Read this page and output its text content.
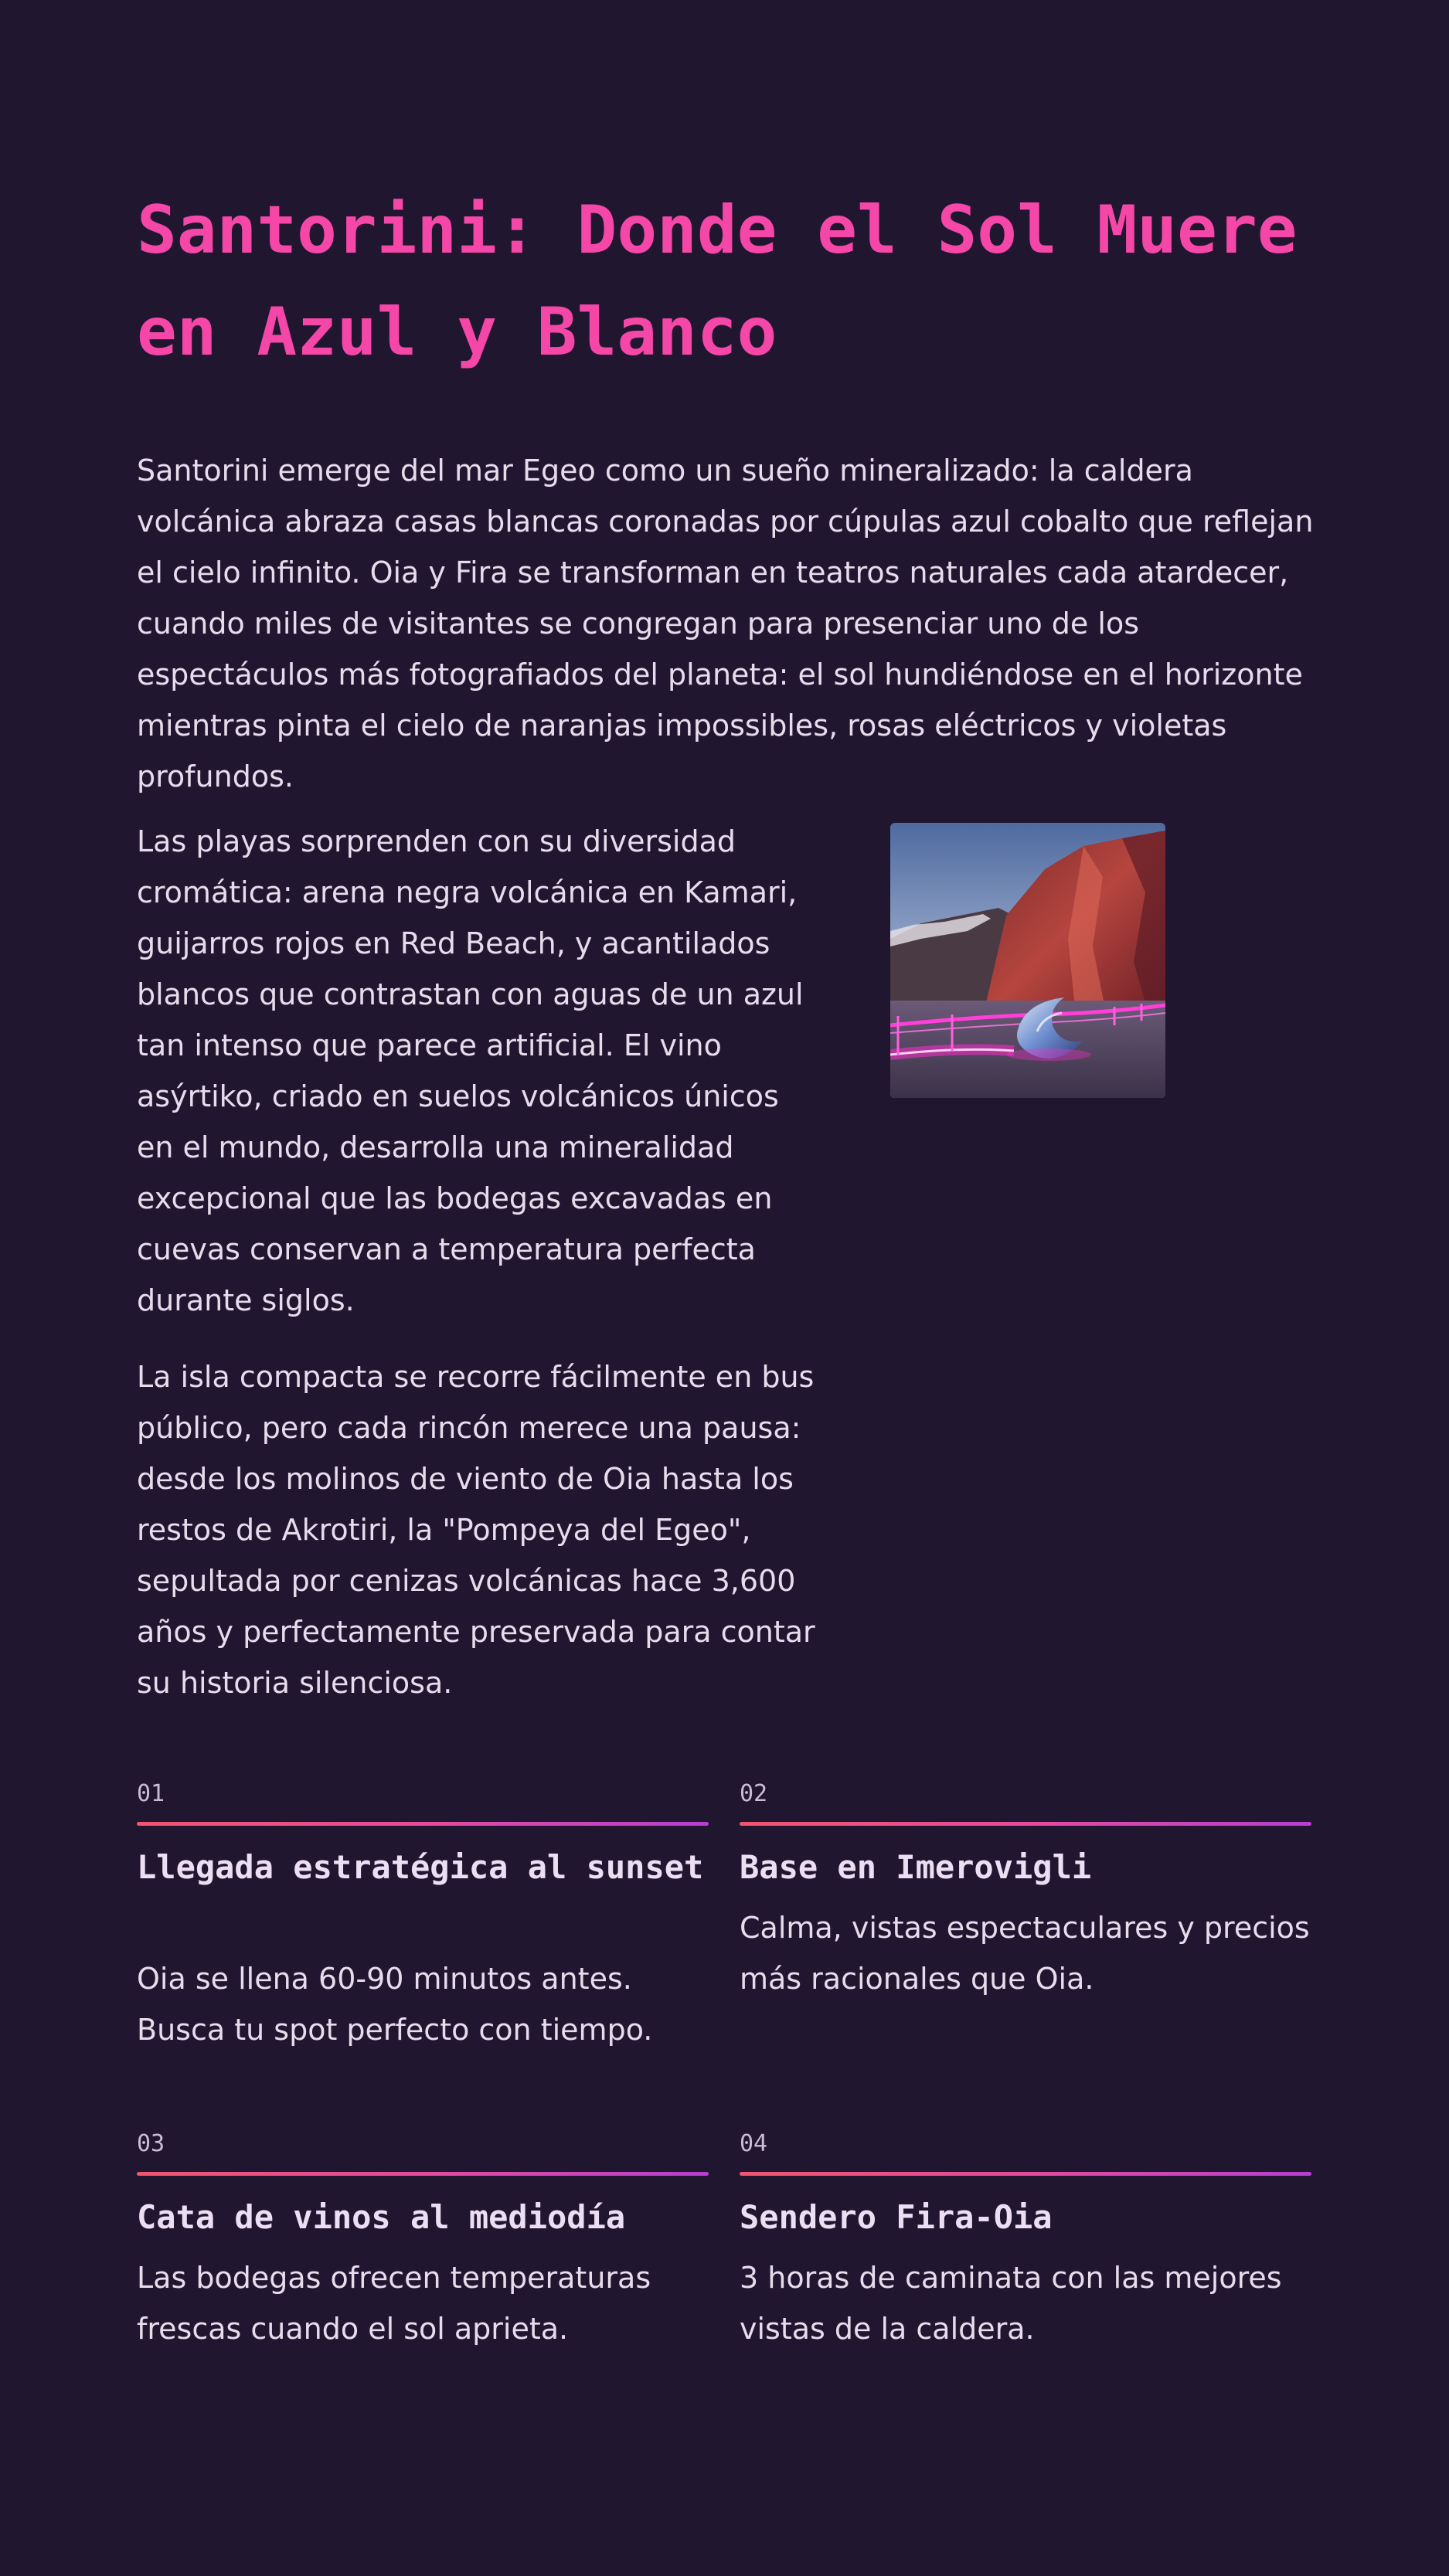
Santorini: Donde el Sol Muere en Azul y Blanco

Santorini emerge del mar Egeo como un sueño mineralizado: la caldera volcánica abraza casas blancas coronadas por cúpulas azul cobalto que reflejan el cielo infinito. Oia y Fira se transforman en teatros naturales cada atardecer, cuando miles de visitantes se congregan para presenciar uno de los espectáculos más fotografiados del planeta: el sol hundiéndose en el horizonte mientras pinta el cielo de naranjas impossibles, rosas eléctricos y violetas profundos.

Las playas sorprenden con su diversidad cromática: arena negra volcánica en Kamari, guijarros rojos en Red Beach, y acantilados blancos que contrastan con aguas de un azul tan intenso que parece artificial. El vino asýrtiko, criado en suelos volcánicos únicos en el mundo, desarrolla una mineralidad excepcional que las bodegas excavadas en cuevas conservan a temperatura perfecta durante siglos.

La isla compacta se recorre fácilmente en bus público, pero cada rincón merece una pausa: desde los molinos de viento de Oia hasta los restos de Akrotiri, la "Pompeya del Egeo", sepultada por cenizas volcánicas hace 3,600 años y perfectamente preservada para contar su historia silenciosa.

01
Llegada estratégica al sunset

Oia se llena 60-90 minutos antes. Busca tu spot perfecto con tiempo.

02
Base en Imerovigli

Calma, vistas espectaculares y precios más racionales que Oia.

03
Cata de vinos al mediodía

Las bodegas ofrecen temperaturas frescas cuando el sol aprieta.

04
Sendero Fira-Oia

3 horas de caminata con las mejores vistas de la caldera.
